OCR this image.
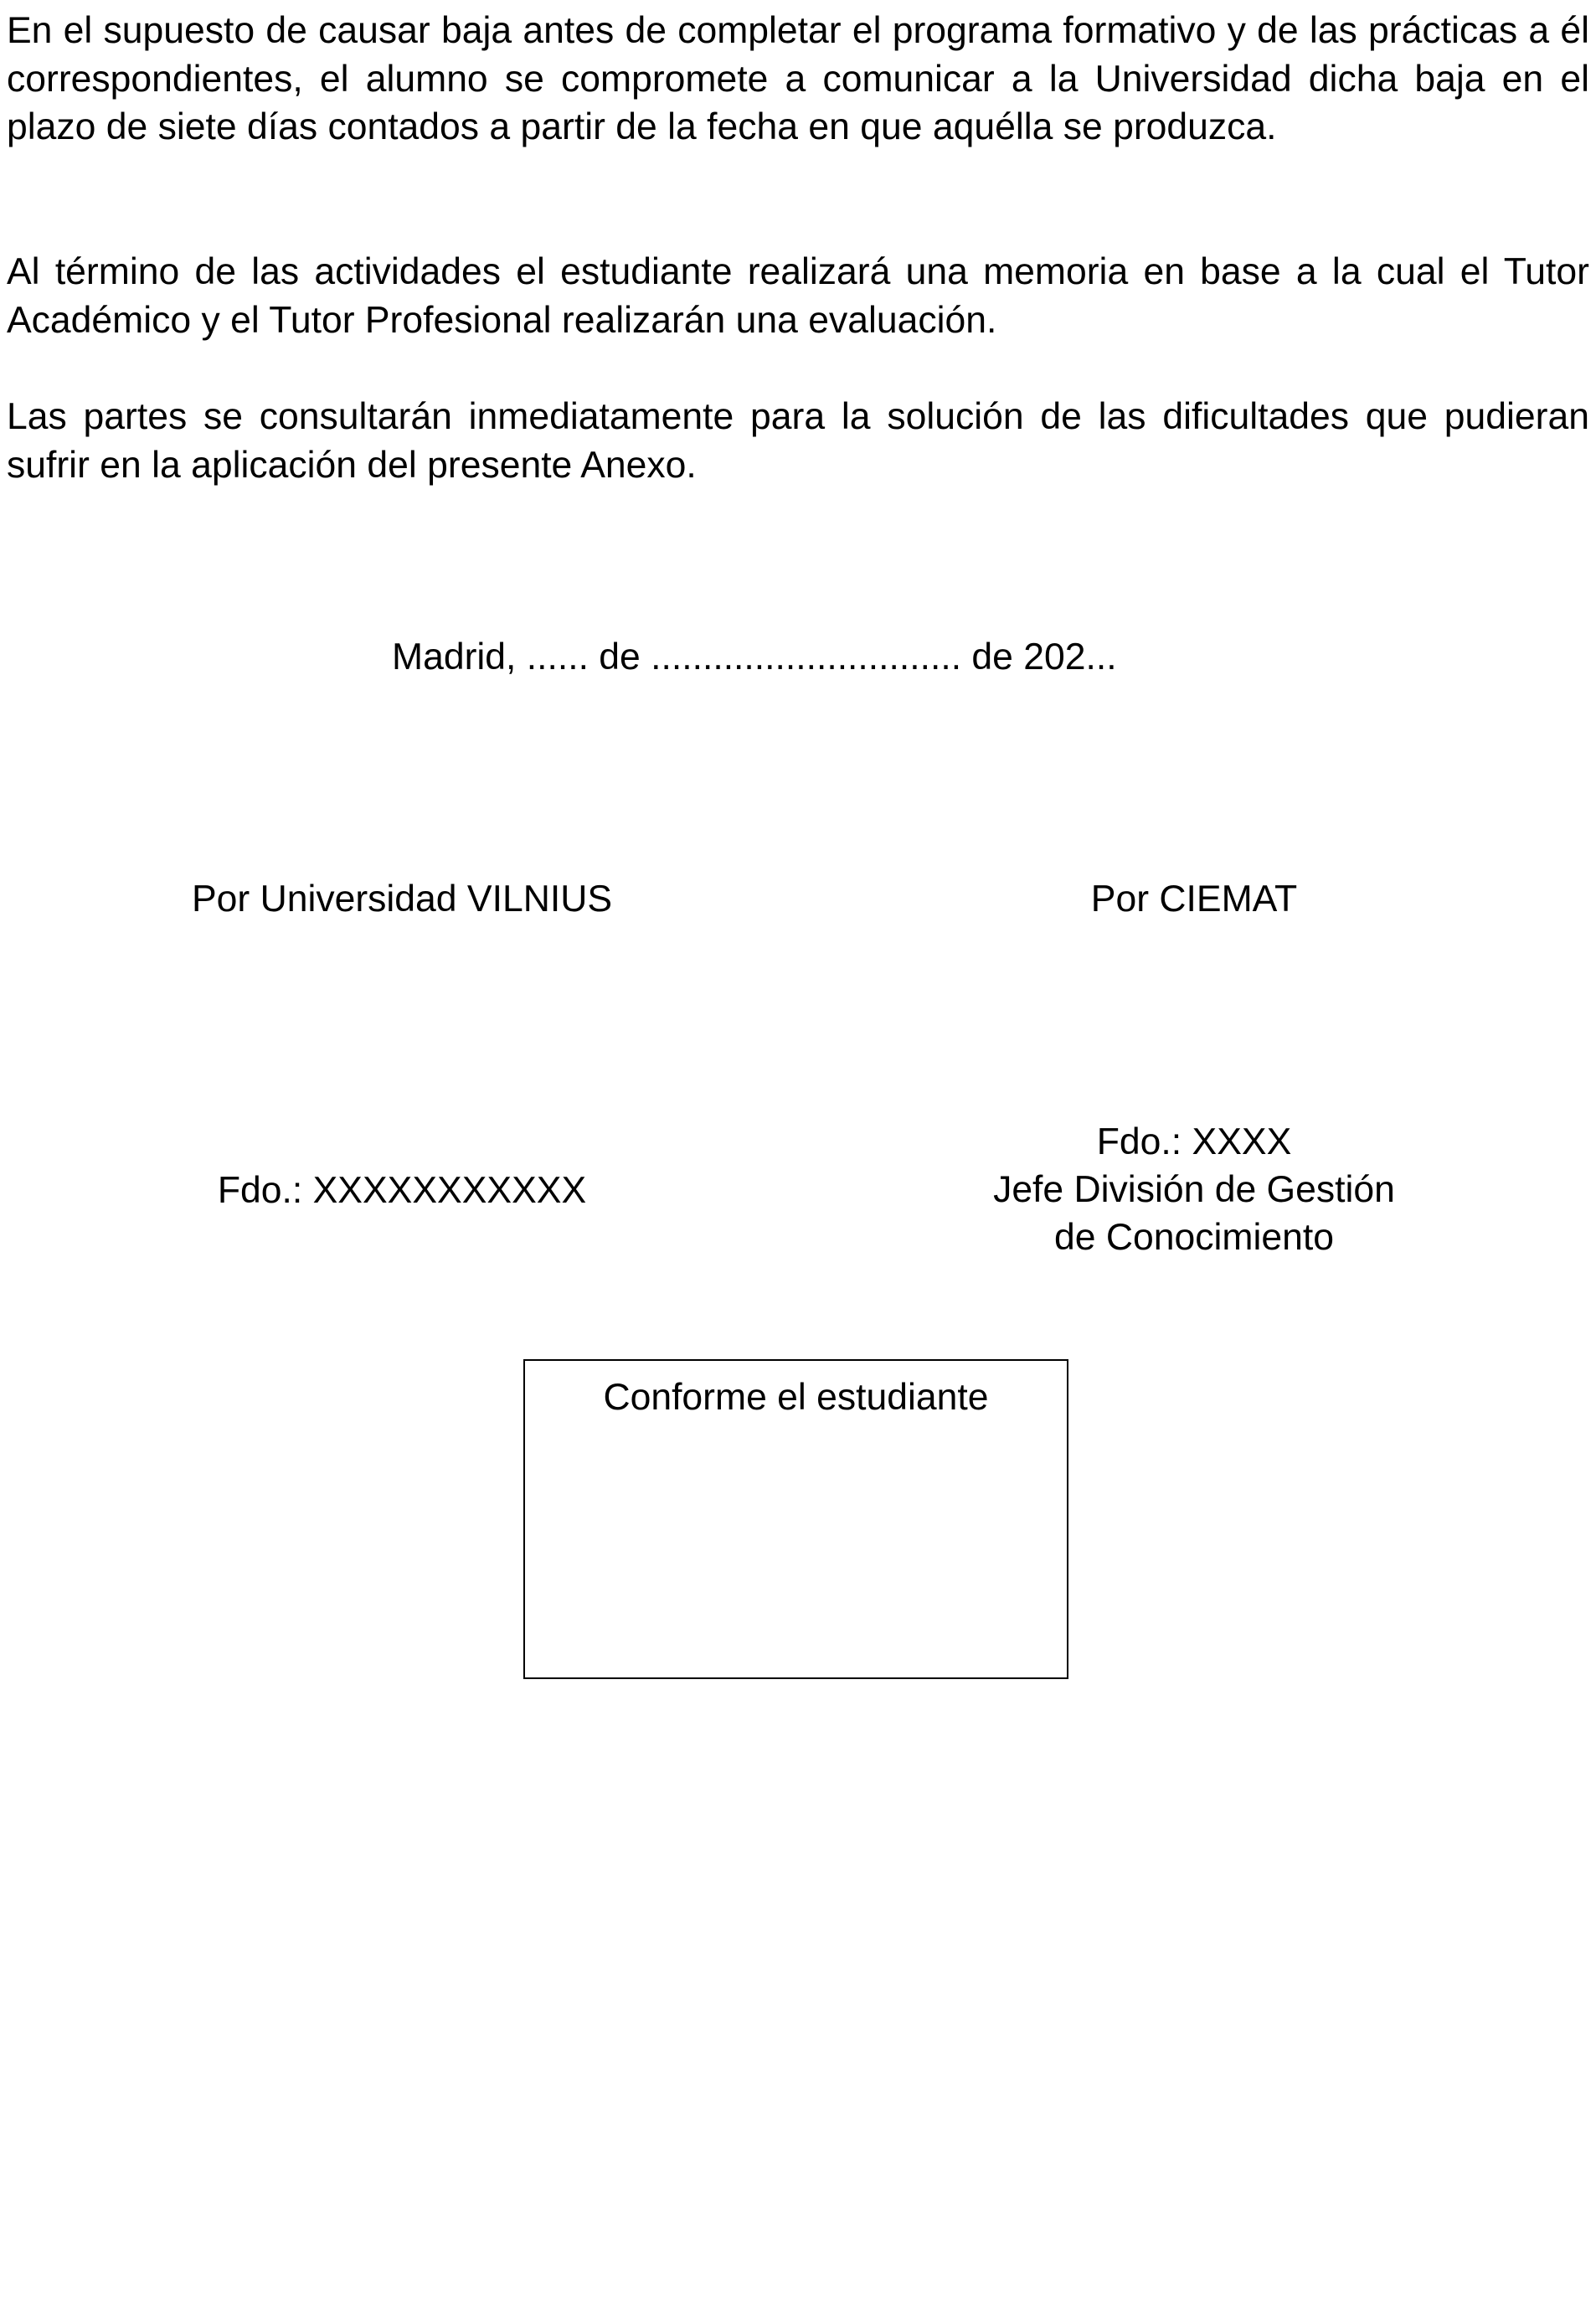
En el supuesto de causar baja antes de completar el programa formativo y de las prácticas a él correspondientes, el alumno se compromete a comunicar a la Universidad dicha baja en el plazo de siete días contados a partir de la fecha en que aquélla se produzca.

Al término de las actividades el estudiante realizará una memoria en base a la cual el Tutor Académico y el Tutor Profesional realizarán una evaluación.

Las partes se consultarán inmediatamente para la solución de las dificultades que pudieran sufrir en la aplicación del presente Anexo.

Madrid, ...... de .............................. de 202...
Por Universidad VILNIUS	Por CIEMAT
Fdo.: XXXXXXXXXXX
Fdo.: XXXX
Jefe División de Gestión
de Conocimiento
Conforme el estudiante
